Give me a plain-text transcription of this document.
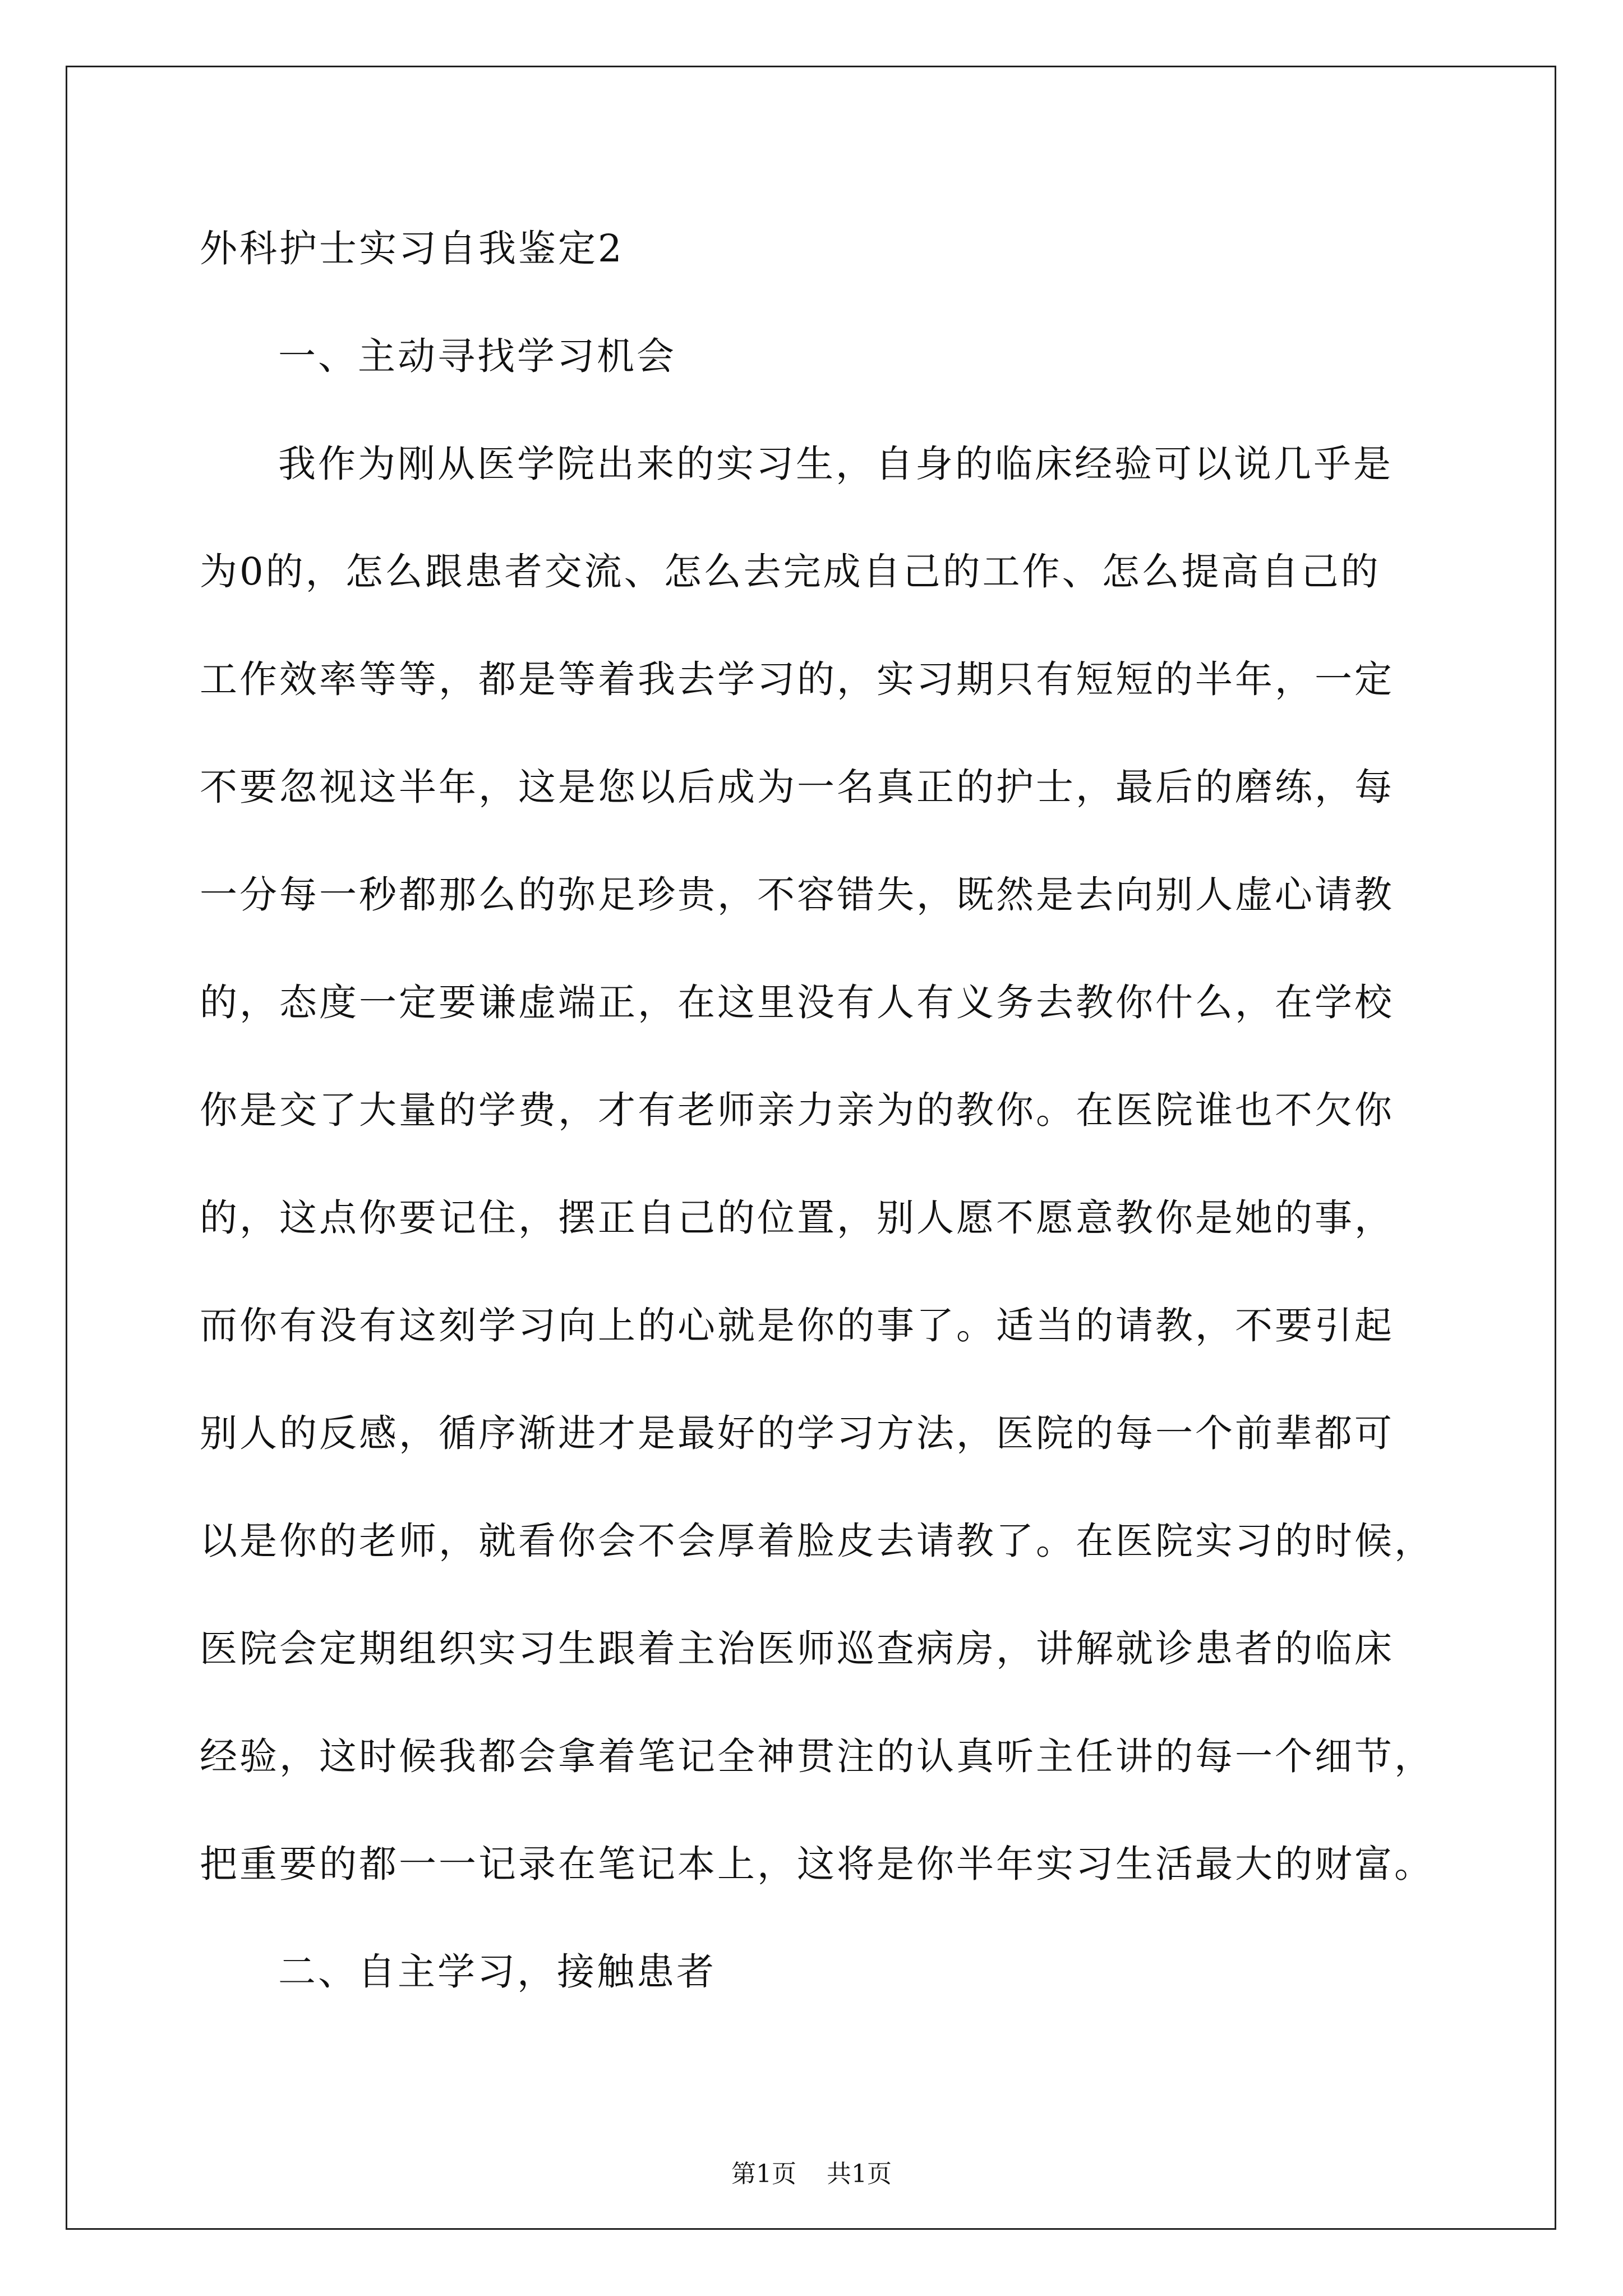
外科护士实习自我鉴定2
一、主动寻找学习机会
我作为刚从医学院出来的实习生，自身的临床经验可以说几乎是
为0的，怎么跟患者交流、怎么去完成自己的工作、怎么提高自己的
工作效率等等，都是等着我去学习的，实习期只有短短的半年，一定
不要忽视这半年，这是您以后成为一名真正的护士，最后的磨练，每
一分每一秒都那么的弥足珍贵，不容错失，既然是去向别人虚心请教
的，态度一定要谦虚端正，在这里没有人有义务去教你什么，在学校
你是交了大量的学费，才有老师亲力亲为的教你。在医院谁也不欠你
的，这点你要记住，摆正自己的位置，别人愿不愿意教你是她的事，
而你有没有这刻学习向上的心就是你的事了。适当的请教，不要引起
别人的反感，循序渐进才是最好的学习方法，医院的每一个前辈都可
以是你的老师，就看你会不会厚着脸皮去请教了。在医院实习的时候，
医院会定期组织实习生跟着主治医师巡查病房，讲解就诊患者的临床
经验，这时候我都会拿着笔记全神贯注的认真听主任讲的每一个细节，
把重要的都一一记录在笔记本上，这将是你半年实习生活最大的财富。
二、自主学习，接触患者
第1页 共1页
